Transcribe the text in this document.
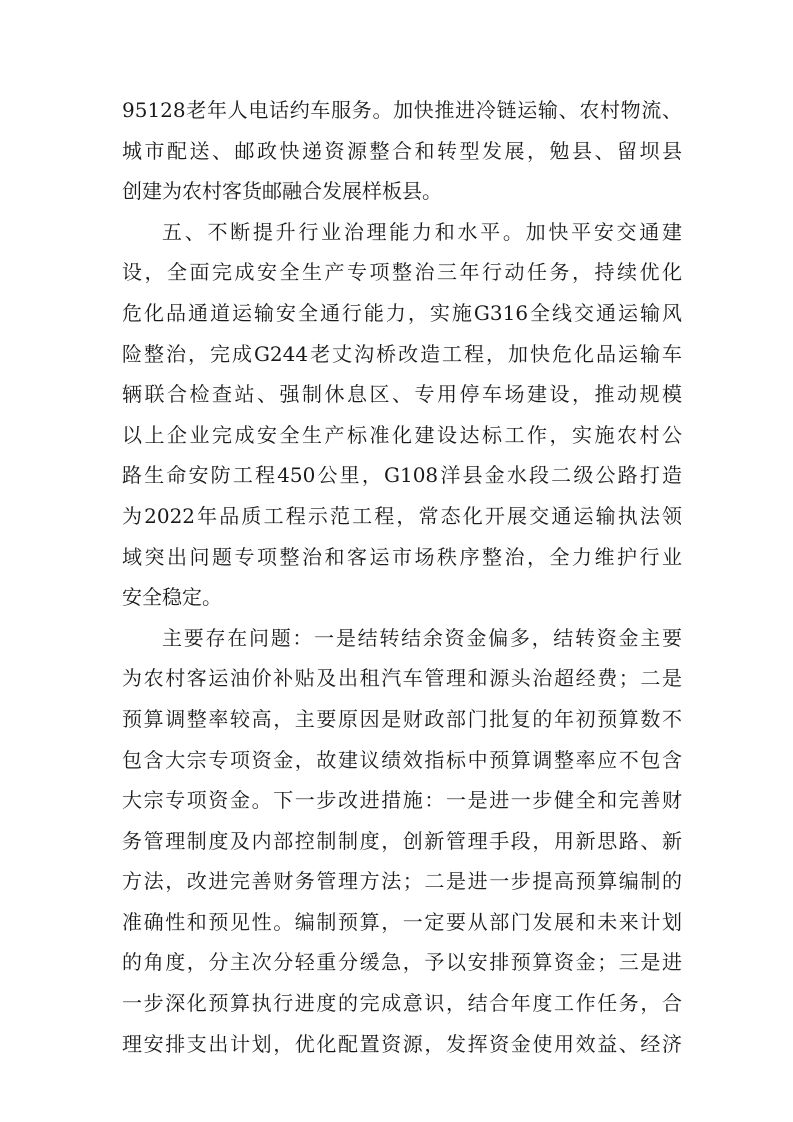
95128老年人电话约车服务。加快推进冷链运输、农村物流、
城市配送、邮政快递资源整合和转型发展，勉县、留坝县
创建为农村客货邮融合发展样板县。
五、不断提升行业治理能力和水平。加快平安交通建
设，全面完成安全生产专项整治三年行动任务，持续优化
危化品通道运输安全通行能力，实施G316全线交通运输风
险整治，完成G244老丈沟桥改造工程，加快危化品运输车
辆联合检查站、强制休息区、专用停车场建设，推动规模
以上企业完成安全生产标准化建设达标工作，实施农村公
路生命安防工程450公里，G108洋县金水段二级公路打造
为2022年品质工程示范工程，常态化开展交通运输执法领
域突出问题专项整治和客运市场秩序整治，全力维护行业
安全稳定。
主要存在问题：一是结转结余资金偏多，结转资金主要
为农村客运油价补贴及出租汽车管理和源头治超经费；二是
预算调整率较高，主要原因是财政部门批复的年初预算数不
包含大宗专项资金，故建议绩效指标中预算调整率应不包含
大宗专项资金。下一步改进措施：一是进一步健全和完善财
务管理制度及内部控制制度，创新管理手段，用新思路、新
方法，改进完善财务管理方法；二是进一步提高预算编制的
准确性和预见性。编制预算，一定要从部门发展和未来计划
的角度，分主次分轻重分缓急，予以安排预算资金；三是进
一步深化预算执行进度的完成意识，结合年度工作任务，合
理安排支出计划，优化配置资源，发挥资金使用效益、经济
